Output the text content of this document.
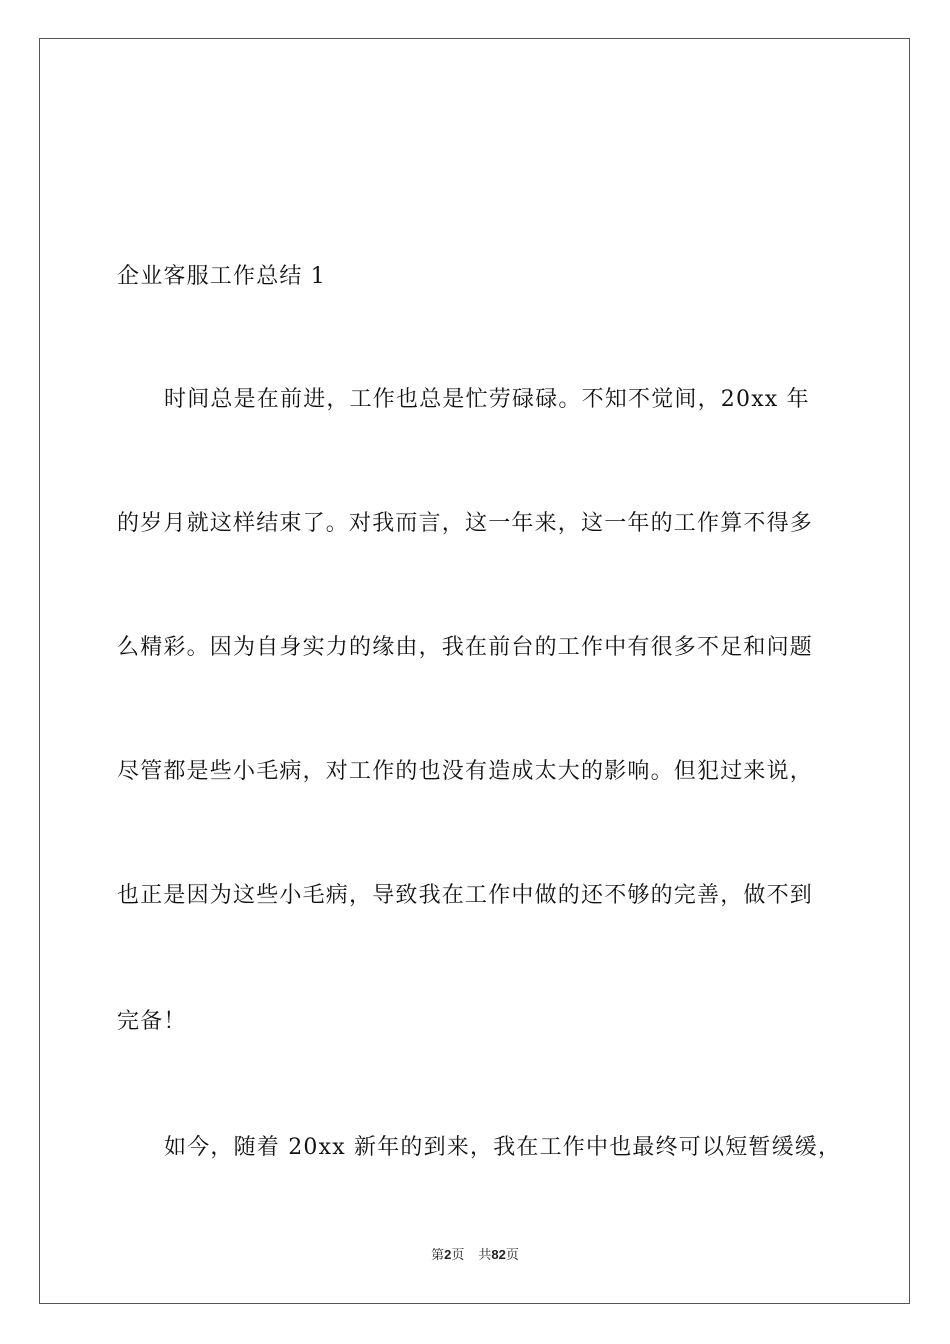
企业客服工作总结 1
时间总是在前进，工作也总是忙劳碌碌。不知不觉间，20xx 年
的岁月就这样结束了。对我而言，这一年来，这一年的工作算不得多
么精彩。因为自身实力的缘由，我在前台的工作中有很多不足和问题
尽管都是些小毛病，对工作的也没有造成太大的影响。但犯过来说，
也正是因为这些小毛病，导致我在工作中做的还不够的完善，做不到
完备！
如今，随着 20xx 新年的到来，我在工作中也最终可以短暂缓缓，
第2页 共82页
